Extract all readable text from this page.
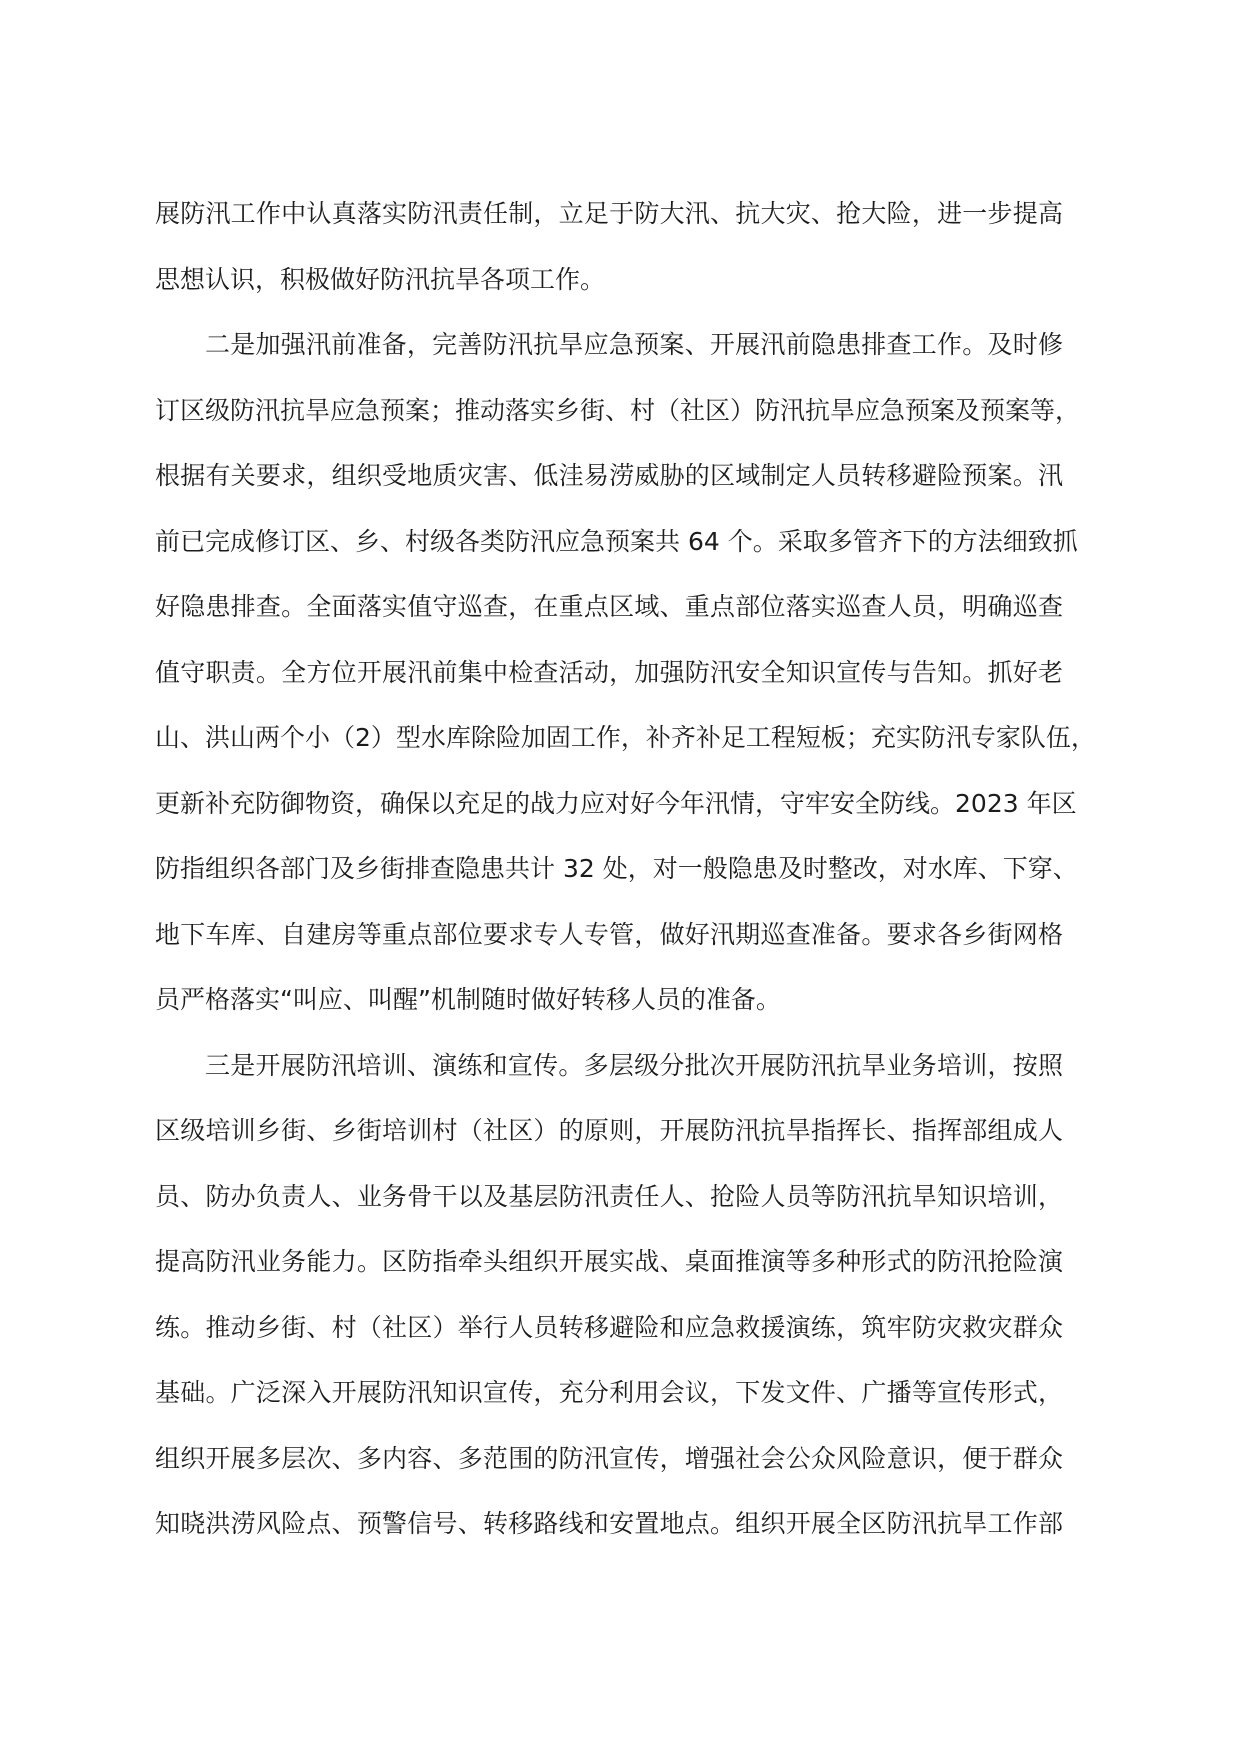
展防汛工作中认真落实防汛责任制，立足于防大汛、抗大灾、抢大险，进一步提高
思想认识，积极做好防汛抗旱各项工作。
二是加强汛前准备，完善防汛抗旱应急预案、开展汛前隐患排查工作。及时修
订区级防汛抗旱应急预案；推动落实乡街、村（社区）防汛抗旱应急预案及预案等，
根据有关要求，组织受地质灾害、低洼易涝威胁的区域制定人员转移避险预案。汛
前已完成修订区、乡、村级各类防汛应急预案共 64 个。采取多管齐下的方法细致抓
好隐患排查。全面落实值守巡查，在重点区域、重点部位落实巡查人员，明确巡查
值守职责。全方位开展汛前集中检查活动，加强防汛安全知识宣传与告知。抓好老
山、洪山两个小（2）型水库除险加固工作，补齐补足工程短板；充实防汛专家队伍，
更新补充防御物资，确保以充足的战力应对好今年汛情，守牢安全防线。2023 年区
防指组织各部门及乡街排查隐患共计 32 处，对一般隐患及时整改，对水库、下穿、
地下车库、自建房等重点部位要求专人专管，做好汛期巡查准备。要求各乡街网格
员严格落实“叫应、叫醒”机制随时做好转移人员的准备。
三是开展防汛培训、演练和宣传。多层级分批次开展防汛抗旱业务培训，按照
区级培训乡街、乡街培训村（社区）的原则，开展防汛抗旱指挥长、指挥部组成人
员、防办负责人、业务骨干以及基层防汛责任人、抢险人员等防汛抗旱知识培训，
提高防汛业务能力。区防指牵头组织开展实战、桌面推演等多种形式的防汛抢险演
练。推动乡街、村（社区）举行人员转移避险和应急救援演练，筑牢防灾救灾群众
基础。广泛深入开展防汛知识宣传，充分利用会议，下发文件、广播等宣传形式，
组织开展多层次、多内容、多范围的防汛宣传，增强社会公众风险意识，便于群众
知晓洪涝风险点、预警信号、转移路线和安置地点。组织开展全区防汛抗旱工作部
